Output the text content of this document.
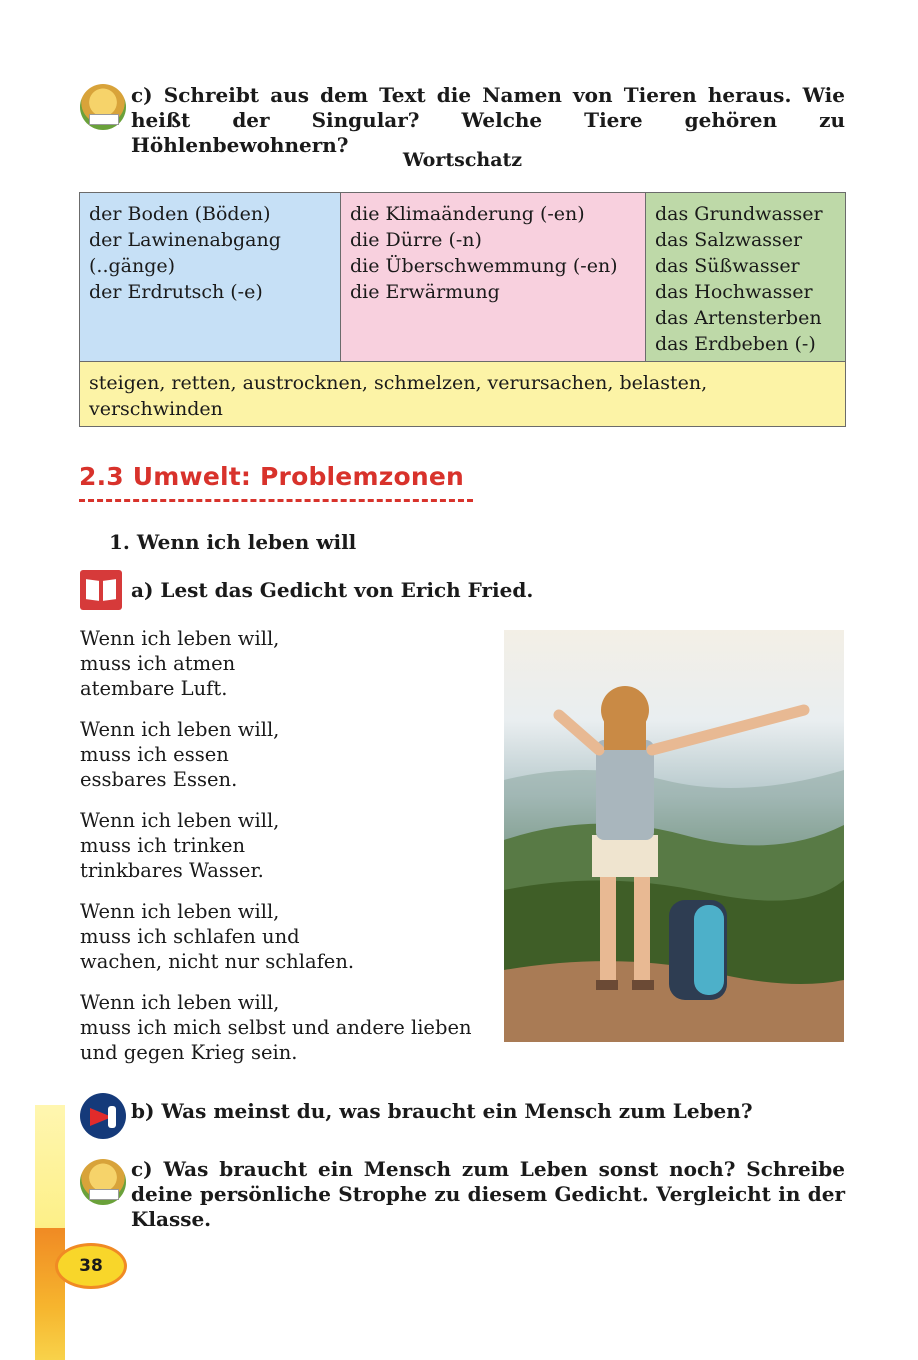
c) Schreibt aus dem Text die Namen von Tieren heraus. Wie heißt der Singular? Welche Tiere gehören zu Höhlenbewohnern?
Wortschatz
der Boden (Böden)
der Lawinenabgang
(..gänge)
der Erdrutsch (-e)

die Klimaänderung (-en)
die Dürre (-n)
die Überschwemmung (-en)
die Erwärmung

das Grundwasser
das Salzwasser
das Süßwasser
das Hochwasser
das Artensterben
das Erdbeben (-)

steigen, retten, austrocknen, schmelzen, verursachen, belasten, verschwinden
2.3 Umwelt: Problemzonen
1. Wenn ich leben will
a) Lest das Gedicht von Erich Fried.
Wenn ich leben will,
muss ich atmen
atembare Luft.
Wenn ich leben will,
muss ich essen
essbares Essen.
Wenn ich leben will,
muss ich trinken
trinkbares Wasser.
Wenn ich leben will,
muss ich schlafen und
wachen, nicht nur schlafen.
Wenn ich leben will,
muss ich mich selbst und andere lieben
und gegen Krieg sein.
b) Was meinst du, was braucht ein Mensch zum Leben?
c) Was braucht ein Mensch zum Leben sonst noch? Schreibe deine persönliche Strophe zu diesem Gedicht. Vergleicht in der Klasse.
38
